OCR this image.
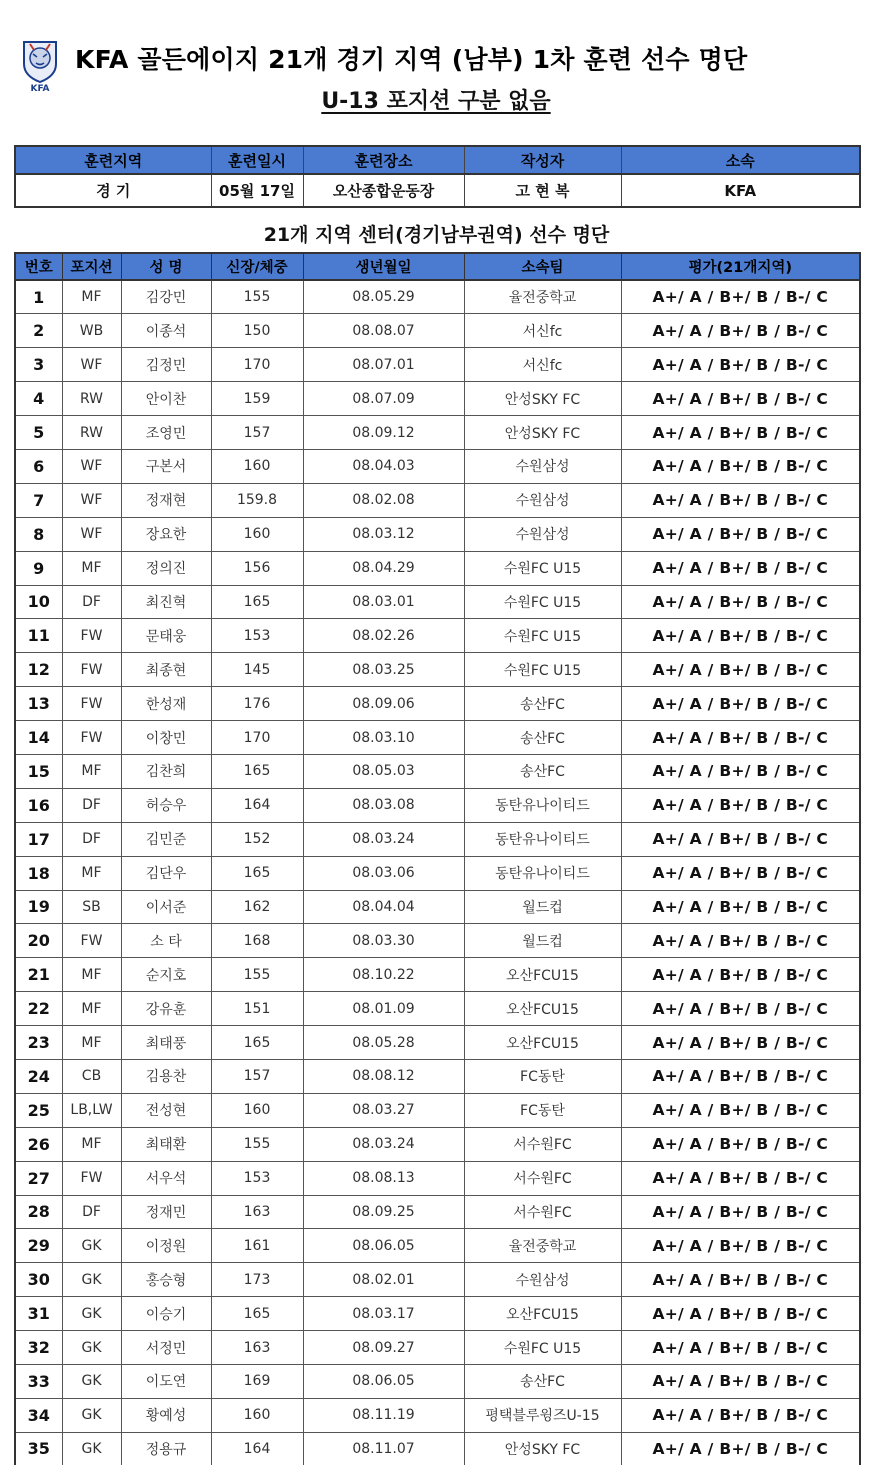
KFA
KFA 골든에이지 21개 경기 지역 (남부) 1차 훈련 선수 명단
U-13 포지션 구분 없음
훈련지역	훈련일시	훈련장소	작성자	소속
경 기	05월 17일	오산종합운동장	고 현 복	KFA
21개 지역 센터(경기남부권역) 선수 명단
번호	포지션	성 명	신장/체중	생년월일	소속팀	평가(21개지역)
1	MF	김강민	155	08.05.29	율전중학교	A+/ A / B+/ B / B-/ C
2	WB	이종석	150	08.08.07	서신fc	A+/ A / B+/ B / B-/ C
3	WF	김정민	170	08.07.01	서신fc	A+/ A / B+/ B / B-/ C
4	RW	안이찬	159	08.07.09	안성SKY FC	A+/ A / B+/ B / B-/ C
5	RW	조영민	157	08.09.12	안성SKY FC	A+/ A / B+/ B / B-/ C
6	WF	구본서	160	08.04.03	수원삼성	A+/ A / B+/ B / B-/ C
7	WF	정재현	159.8	08.02.08	수원삼성	A+/ A / B+/ B / B-/ C
8	WF	장요한	160	08.03.12	수원삼성	A+/ A / B+/ B / B-/ C
9	MF	정의진	156	08.04.29	수원FC U15	A+/ A / B+/ B / B-/ C
10	DF	최진혁	165	08.03.01	수원FC U15	A+/ A / B+/ B / B-/ C
11	FW	문태웅	153	08.02.26	수원FC U15	A+/ A / B+/ B / B-/ C
12	FW	최종현	145	08.03.25	수원FC U15	A+/ A / B+/ B / B-/ C
13	FW	한성재	176	08.09.06	송산FC	A+/ A / B+/ B / B-/ C
14	FW	이창민	170	08.03.10	송산FC	A+/ A / B+/ B / B-/ C
15	MF	김찬희	165	08.05.03	송산FC	A+/ A / B+/ B / B-/ C
16	DF	허승우	164	08.03.08	동탄유나이티드	A+/ A / B+/ B / B-/ C
17	DF	김민준	152	08.03.24	동탄유나이티드	A+/ A / B+/ B / B-/ C
18	MF	김단우	165	08.03.06	동탄유나이티드	A+/ A / B+/ B / B-/ C
19	SB	이서준	162	08.04.04	월드컵	A+/ A / B+/ B / B-/ C
20	FW	소 타	168	08.03.30	월드컵	A+/ A / B+/ B / B-/ C
21	MF	순지호	155	08.10.22	오산FCU15	A+/ A / B+/ B / B-/ C
22	MF	강유훈	151	08.01.09	오산FCU15	A+/ A / B+/ B / B-/ C
23	MF	최태풍	165	08.05.28	오산FCU15	A+/ A / B+/ B / B-/ C
24	CB	김용찬	157	08.08.12	FC동탄	A+/ A / B+/ B / B-/ C
25	LB,LW	전성현	160	08.03.27	FC동탄	A+/ A / B+/ B / B-/ C
26	MF	최태환	155	08.03.24	서수원FC	A+/ A / B+/ B / B-/ C
27	FW	서우석	153	08.08.13	서수원FC	A+/ A / B+/ B / B-/ C
28	DF	정재민	163	08.09.25	서수원FC	A+/ A / B+/ B / B-/ C
29	GK	이정원	161	08.06.05	율전중학교	A+/ A / B+/ B / B-/ C
30	GK	홍승형	173	08.02.01	수원삼성	A+/ A / B+/ B / B-/ C
31	GK	이승기	165	08.03.17	오산FCU15	A+/ A / B+/ B / B-/ C
32	GK	서정민	163	08.09.27	수원FC U15	A+/ A / B+/ B / B-/ C
33	GK	이도연	169	08.06.05	송산FC	A+/ A / B+/ B / B-/ C
34	GK	황예성	160	08.11.19	평택블루윙즈U-15	A+/ A / B+/ B / B-/ C
35	GK	정용규	164	08.11.07	안성SKY FC	A+/ A / B+/ B / B-/ C
